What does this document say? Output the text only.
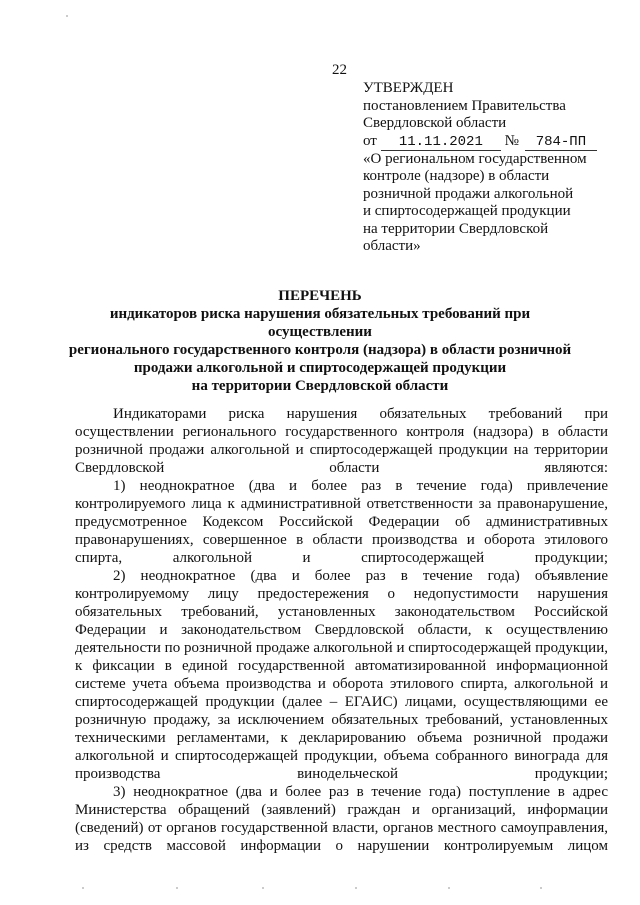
22
УТВЕРЖДЕН
постановлением Правительства
Свердловской области
от 11.11.2021 № 784-ПП
«О региональном государственном
контроле (надзоре) в области
розничной продажи алкогольной
и спиртосодержащей продукции
на территории Свердловской
области»
ПЕРЕЧЕНЬ
индикаторов риска нарушения обязательных требований при осуществлении
регионального государственного контроля (надзора) в области розничной
продажи алкогольной и спиртосодержащей продукции
на территории Свердловской области

Индикаторами риска нарушения обязательных требований при осуществлении регионального государственного контроля (надзора) в области розничной продажи алкогольной и спиртосодержащей продукции на территории Свердловской области являются:

1) неоднократное (два и более раз в течение года) привлечение контролируемого лица к административной ответственности за правонарушение, предусмотренное Кодексом Российской Федерации об административных правонарушениях, совершенное в области производства и оборота этилового спирта, алкогольной и спиртосодержащей продукции;

2) неоднократное (два и более раз в течение года) объявление контролируемому лицу предостережения о недопустимости нарушения обязательных требований, установленных законодательством Российской Федерации и законодательством Свердловской области, к осуществлению деятельности по розничной продаже алкогольной и спиртосодержащей продукции, к фиксации в единой государственной автоматизированной информационной системе учета объема производства и оборота этилового спирта, алкогольной и спиртосодержащей продукции (далее – ЕГАИС) лицами, осуществляющими ее розничную продажу, за исключением обязательных требований, установленных техническими регламентами, к декларированию объема розничной продажи алкогольной и спиртосодержащей продукции, объема собранного винограда для производства винодельческой продукции;

3) неоднократное (два и более раз в течение года) поступление в адрес Министерства обращений (заявлений) граждан и организаций, информации (сведений) от органов государственной власти, органов местного самоуправления, из средств массовой информации о нарушении контролируемым лицом
